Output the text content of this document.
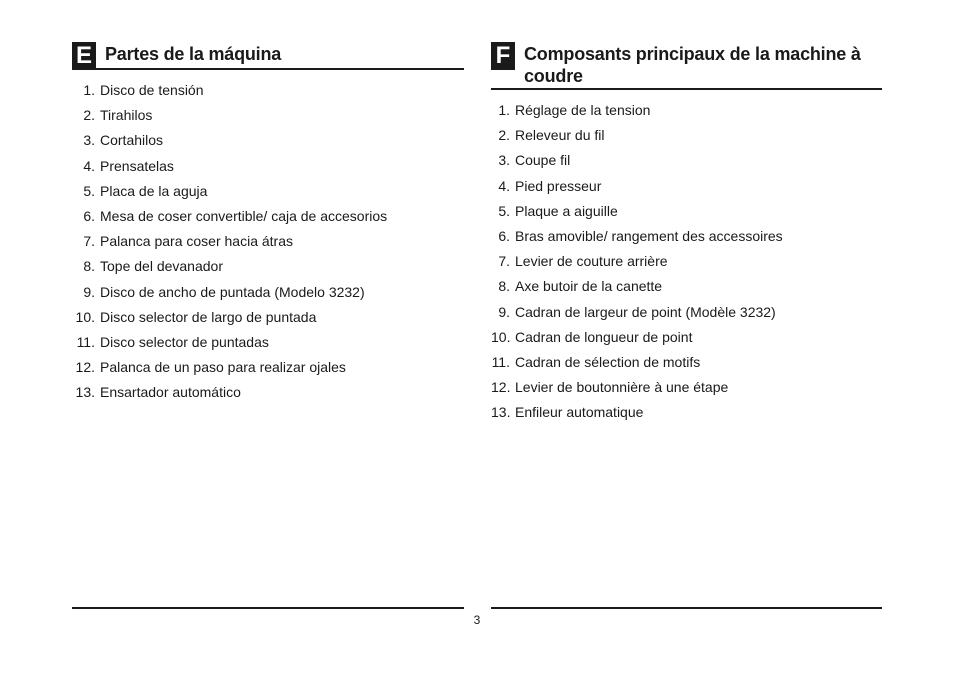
E Partes de la máquina
1. Disco de tensión
2. Tirahilos
3. Cortahilos
4. Prensatelas
5. Placa de la aguja
6. Mesa de coser convertible/ caja de accesorios
7. Palanca para coser hacia átras
8. Tope del devanador
9. Disco de ancho de puntada (Modelo 3232)
10. Disco selector de largo de puntada
11. Disco selector de puntadas
12. Palanca de un paso para realizar ojales
13. Ensartador automático
F Composants principaux de la machine à coudre
1. Réglage de la tension
2. Releveur du fil
3. Coupe fil
4. Pied presseur
5. Plaque a aiguille
6. Bras amovible/ rangement des accessoires
7. Levier de couture arrière
8. Axe butoir de la canette
9. Cadran de largeur de point (Modèle 3232)
10. Cadran de longueur de point
11. Cadran de sélection de motifs
12. Levier de boutonnière à une étape
13. Enfileur automatique
3
